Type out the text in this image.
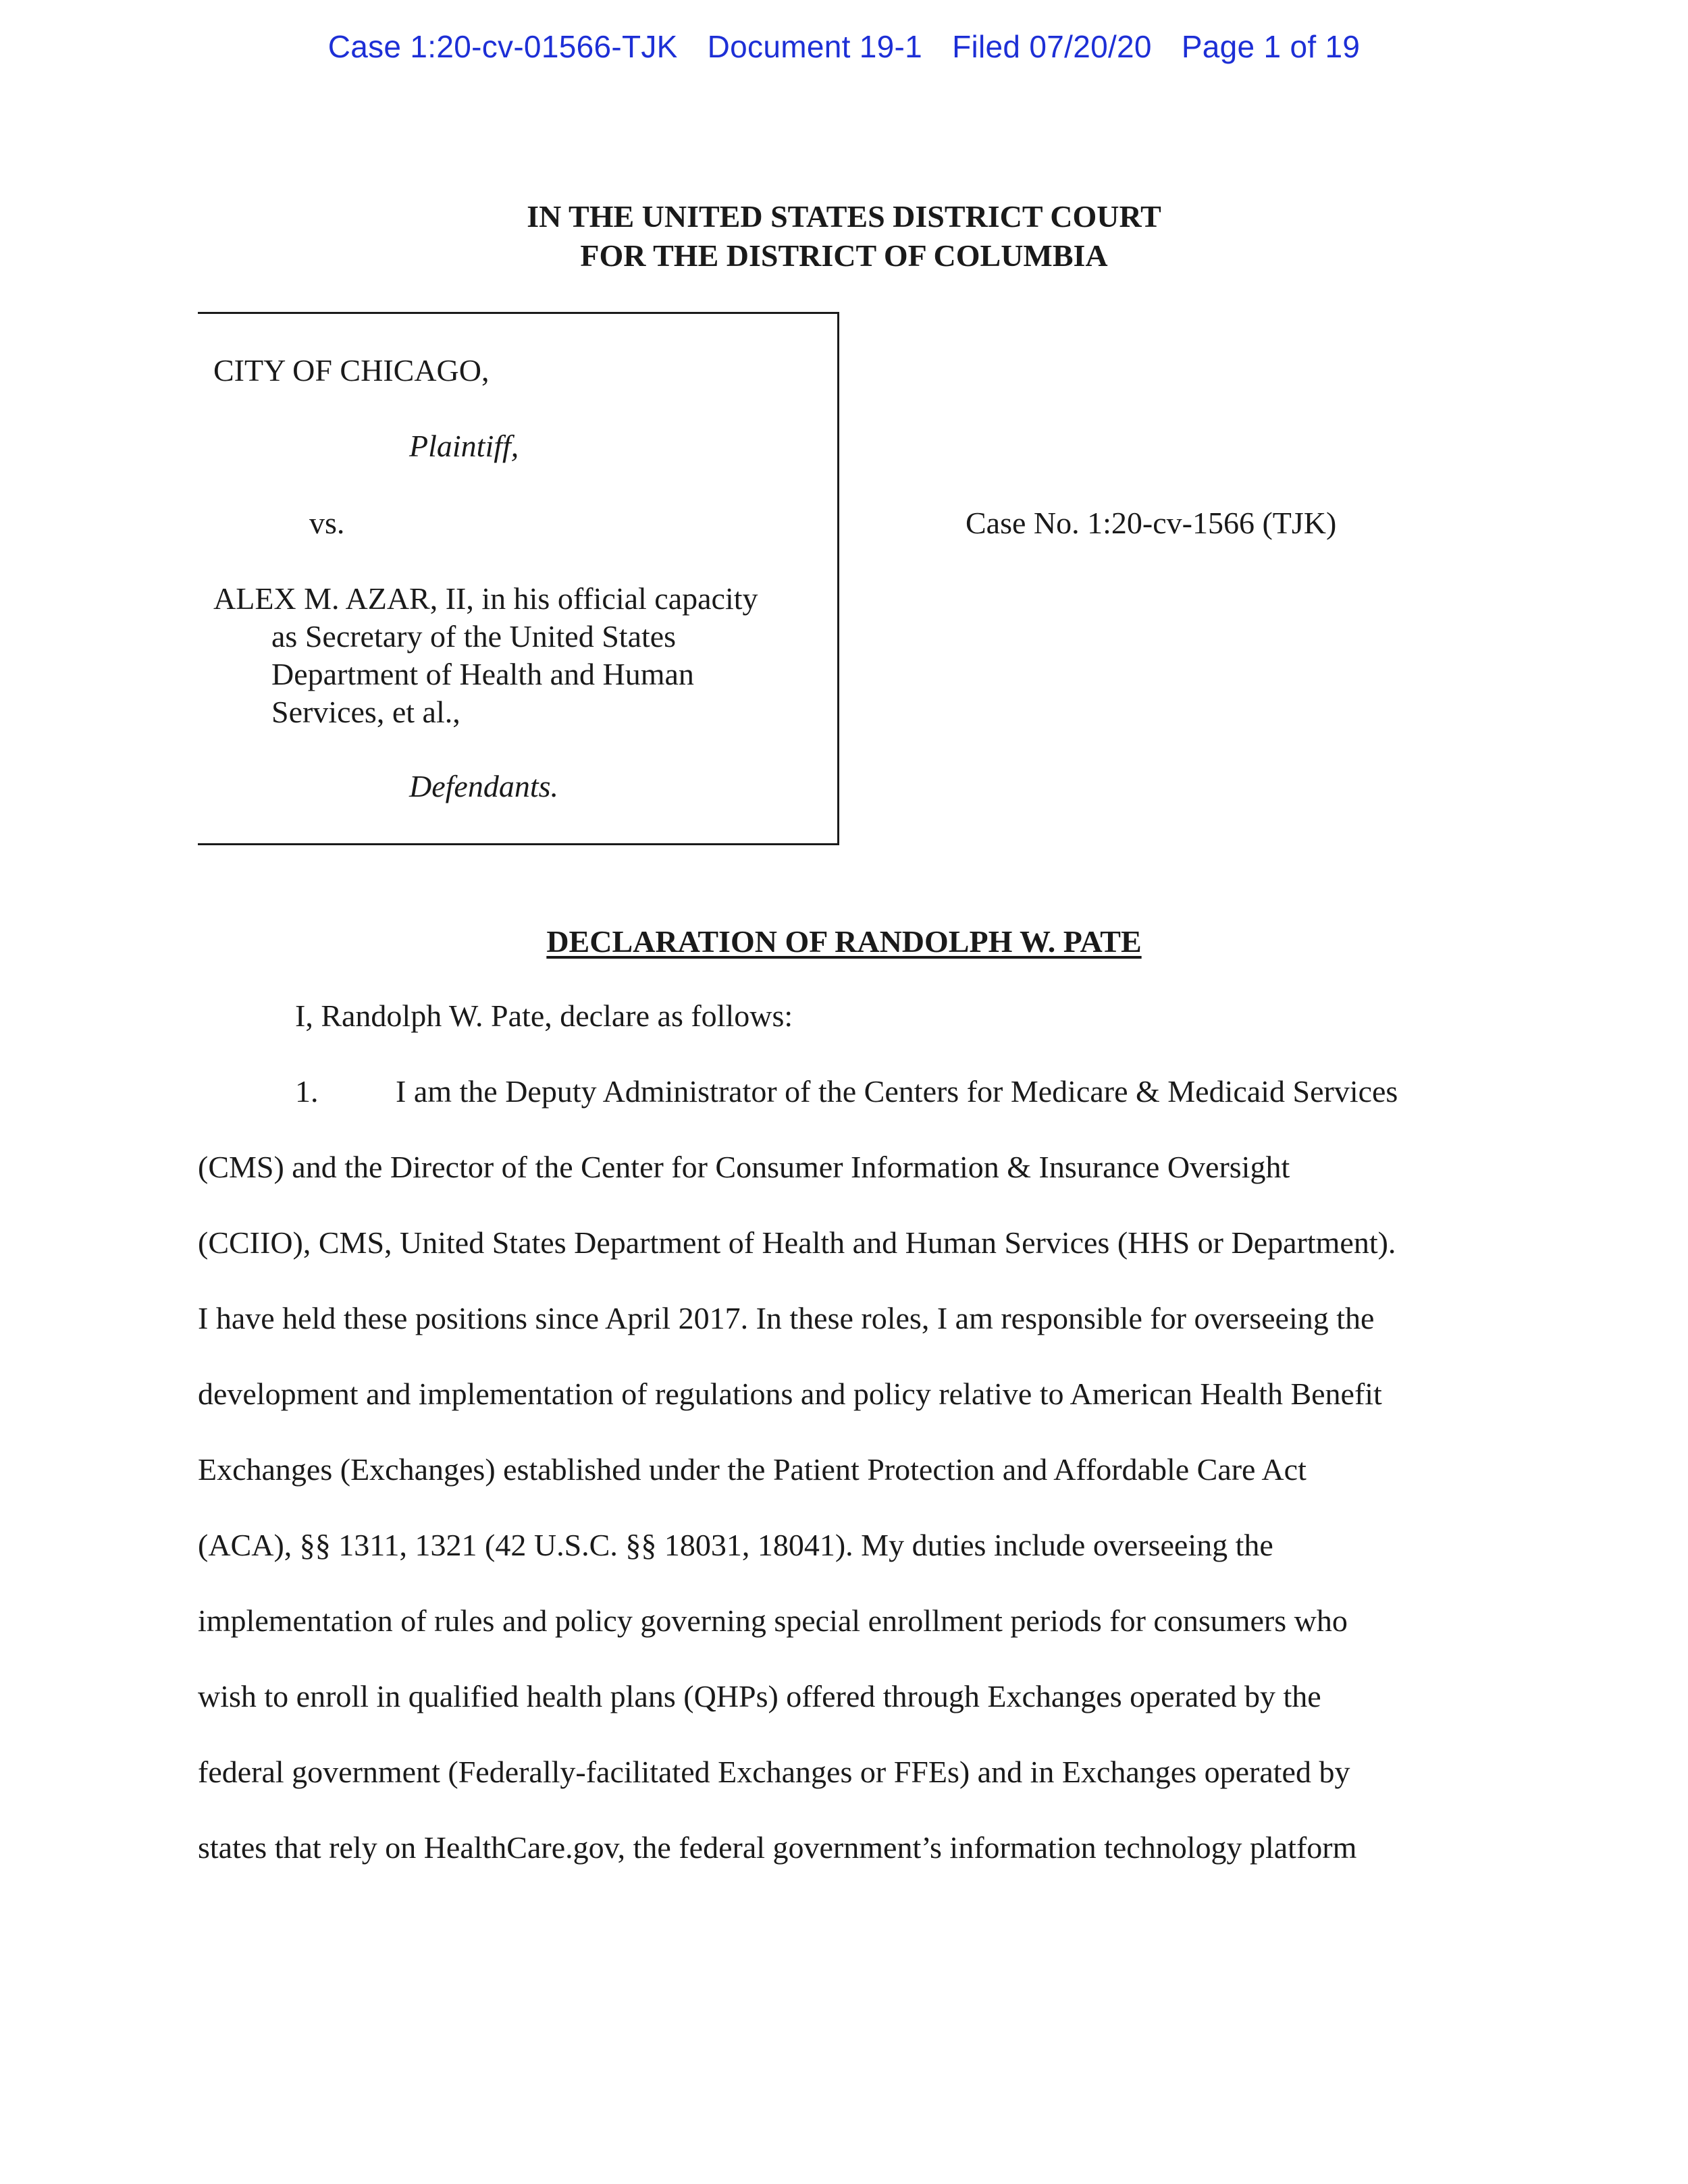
Case 1:20-cv-01566-TJK Document 19-1 Filed 07/20/20 Page 1 of 19
IN THE UNITED STATES DISTRICT COURT
FOR THE DISTRICT OF COLUMBIA
CITY OF CHICAGO,
Plaintiff,
vs.
ALEX M. AZAR, II, in his official capacity
as Secretary of the United States
Department of Health and Human
Services, et al.,
Defendants.
Case No. 1:20-cv-1566 (TJK)
DECLARATION OF RANDOLPH W. PATE
I, Randolph W. Pate, declare as follows:
1. I am the Deputy Administrator of the Centers for Medicare & Medicaid Services
(CMS) and the Director of the Center for Consumer Information & Insurance Oversight
(CCIIO), CMS, United States Department of Health and Human Services (HHS or Department).
I have held these positions since April 2017. In these roles, I am responsible for overseeing the
development and implementation of regulations and policy relative to American Health Benefit
Exchanges (Exchanges) established under the Patient Protection and Affordable Care Act
(ACA), §§ 1311, 1321 (42 U.S.C. §§ 18031, 18041). My duties include overseeing the
implementation of rules and policy governing special enrollment periods for consumers who
wish to enroll in qualified health plans (QHPs) offered through Exchanges operated by the
federal government (Federally-facilitated Exchanges or FFEs) and in Exchanges operated by
states that rely on HealthCare.gov, the federal government’s information technology platform
